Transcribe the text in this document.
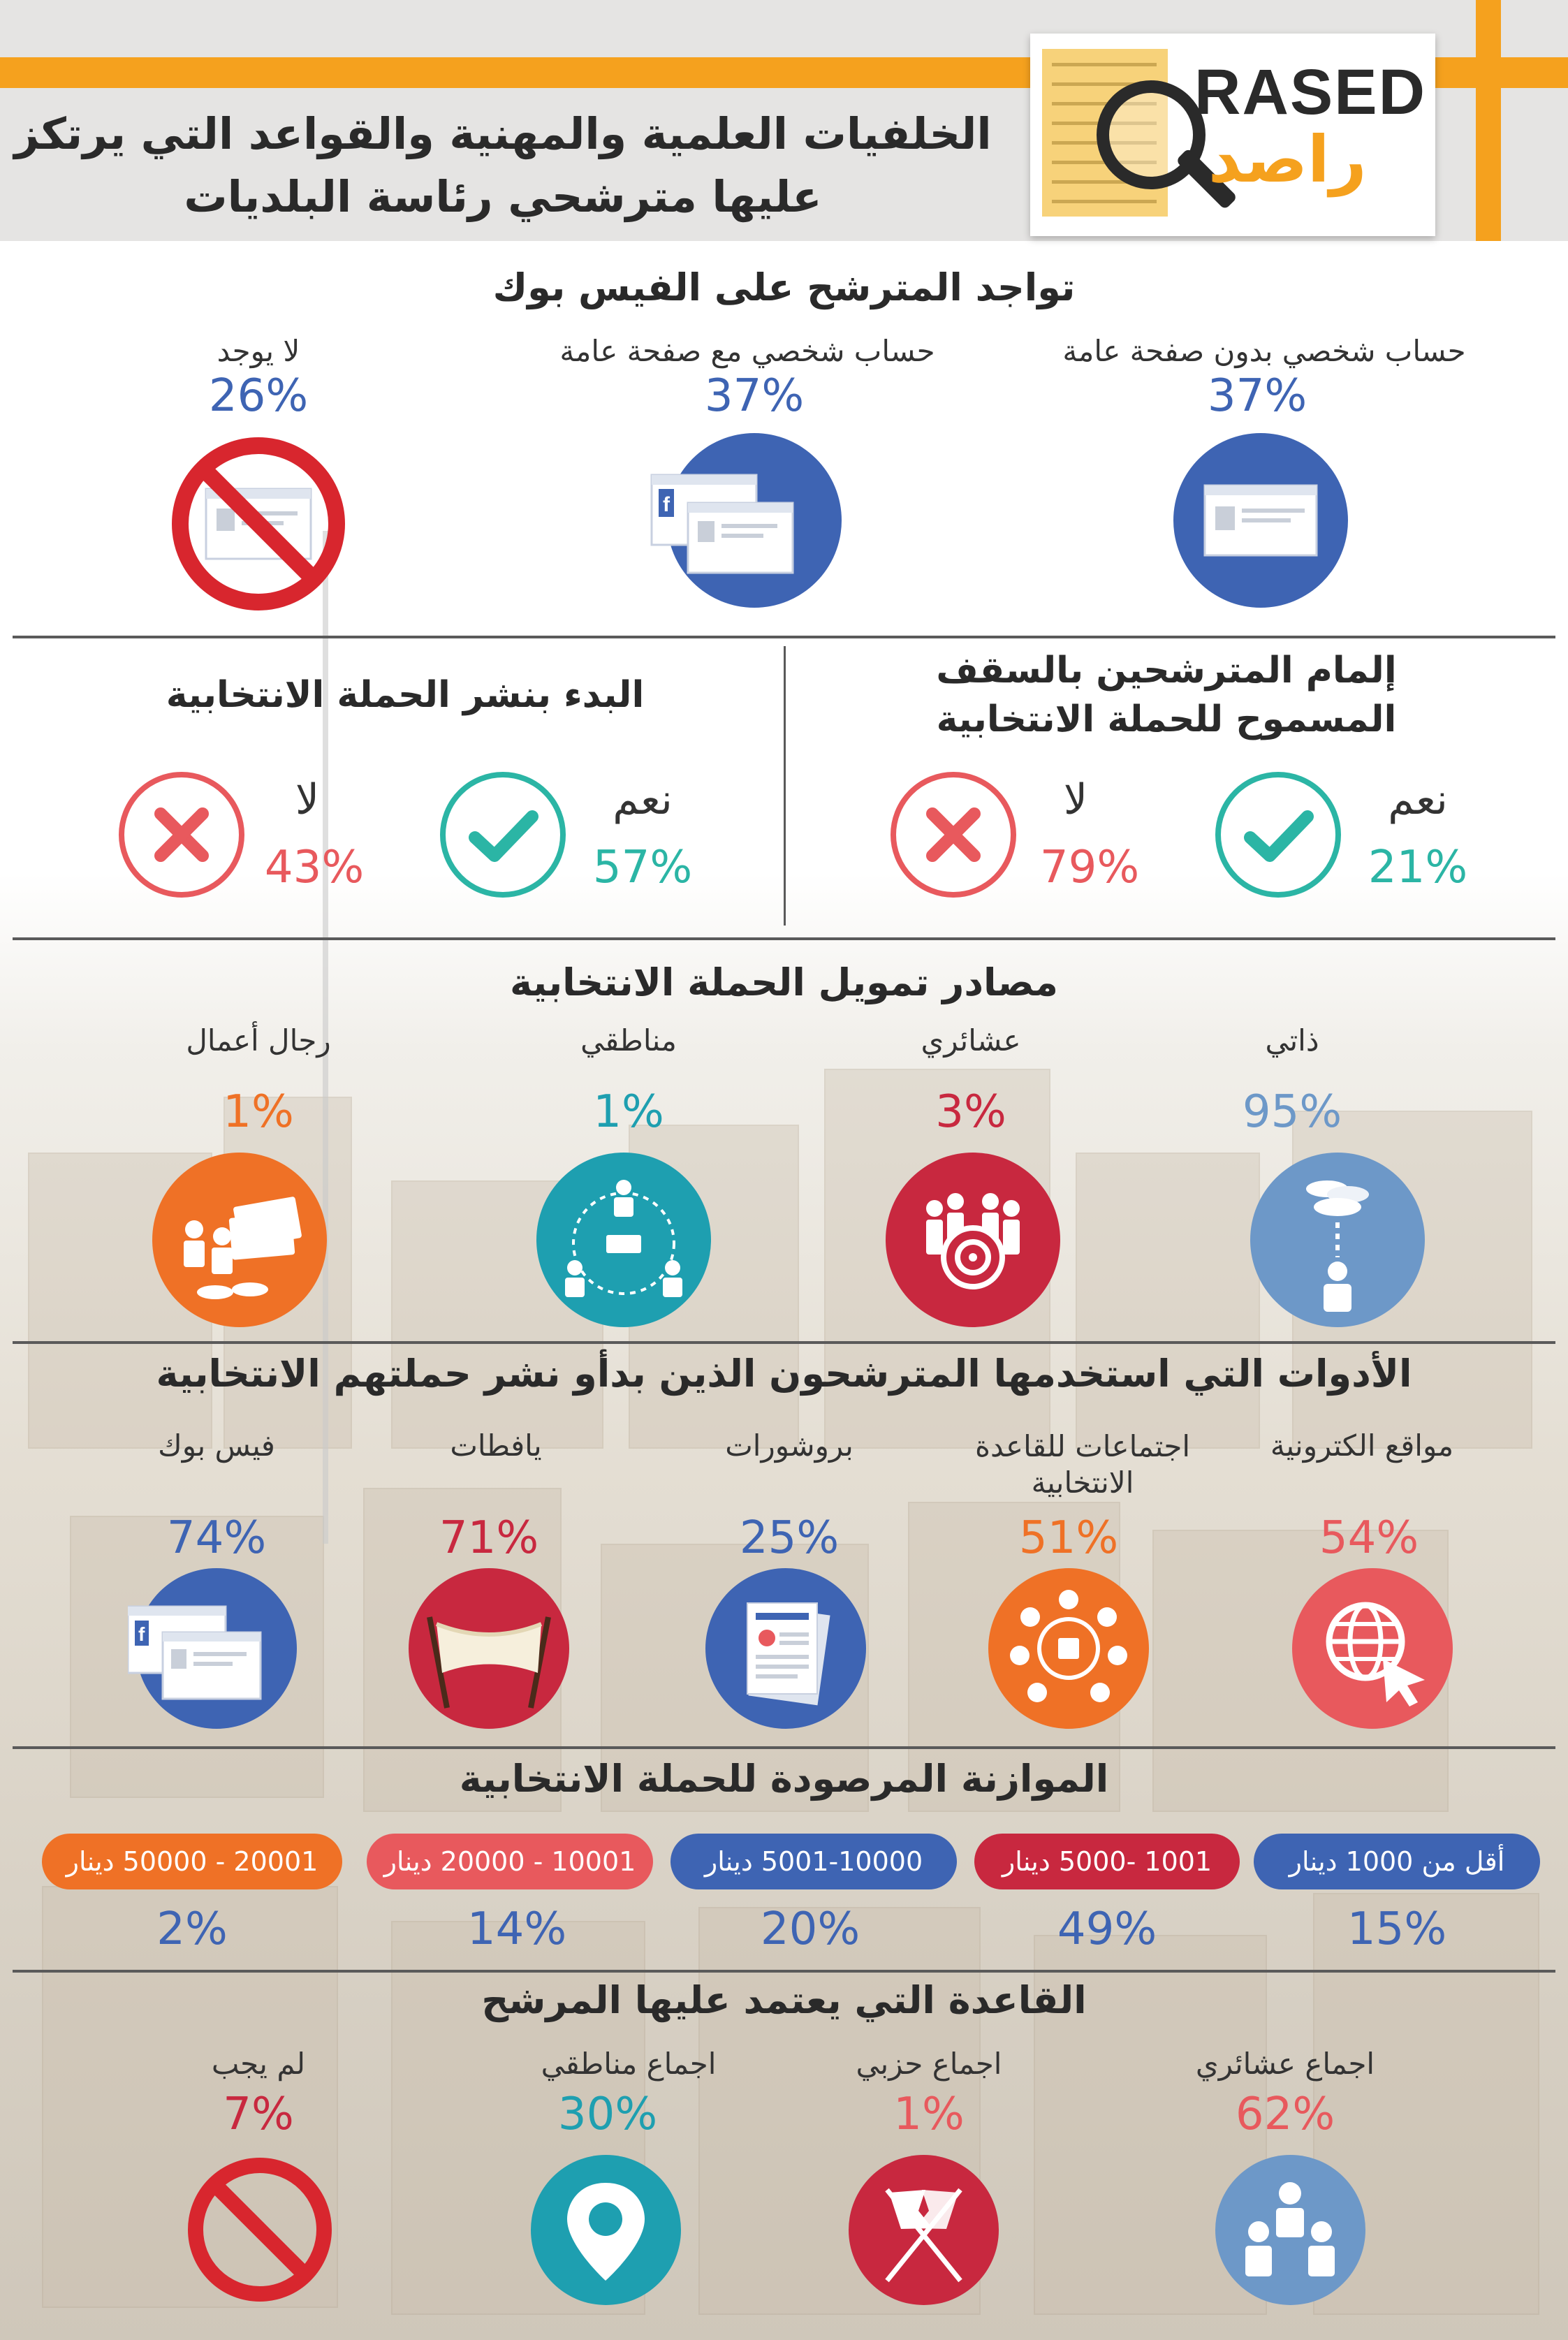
RASED
راصد
الخلفيات العلمية والمهنية والقواعد التي يرتكز
عليها مترشحي رئاسة البلديات
تواجد المترشح على الفيس بوك
حساب شخصي بدون صفحة عامة
37%
حساب شخصي مع صفحة عامة
37%
f
لا يوجد
26%
إلمام المترشحين بالسقف
المسموح للحملة الانتخابية
نعم
21%
لا
79%
البدء بنشر الحملة الانتخابية
نعم
57%
لا
43%
مصادر تمويل الحملة الانتخابية
ذاتي
95%
عشائري
3%
مناطقي
1%
رجال أعمال
1%
الأدوات التي استخدمها المترشحون الذين بدأو نشر حملتهم الانتخابية
مواقع الكترونية
54%
اجتماعات للقاعدة الانتخابية
51%
بروشورات
25%
يافطات
71%
فيس بوك
74%
f
الموازنة المرصودة للحملة الانتخابية
أقل من 1000 دينار
15%
1001 -5000 دينار
49%
5001-10000 دينار
20%
10001 - 20000 دينار
14%
20001 - 50000 دينار
2%
القاعدة التي يعتمد عليها المرشح
اجماع عشائري
62%
اجماع حزبي
1%
اجماع مناطقي
30%
لم يجب
7%
